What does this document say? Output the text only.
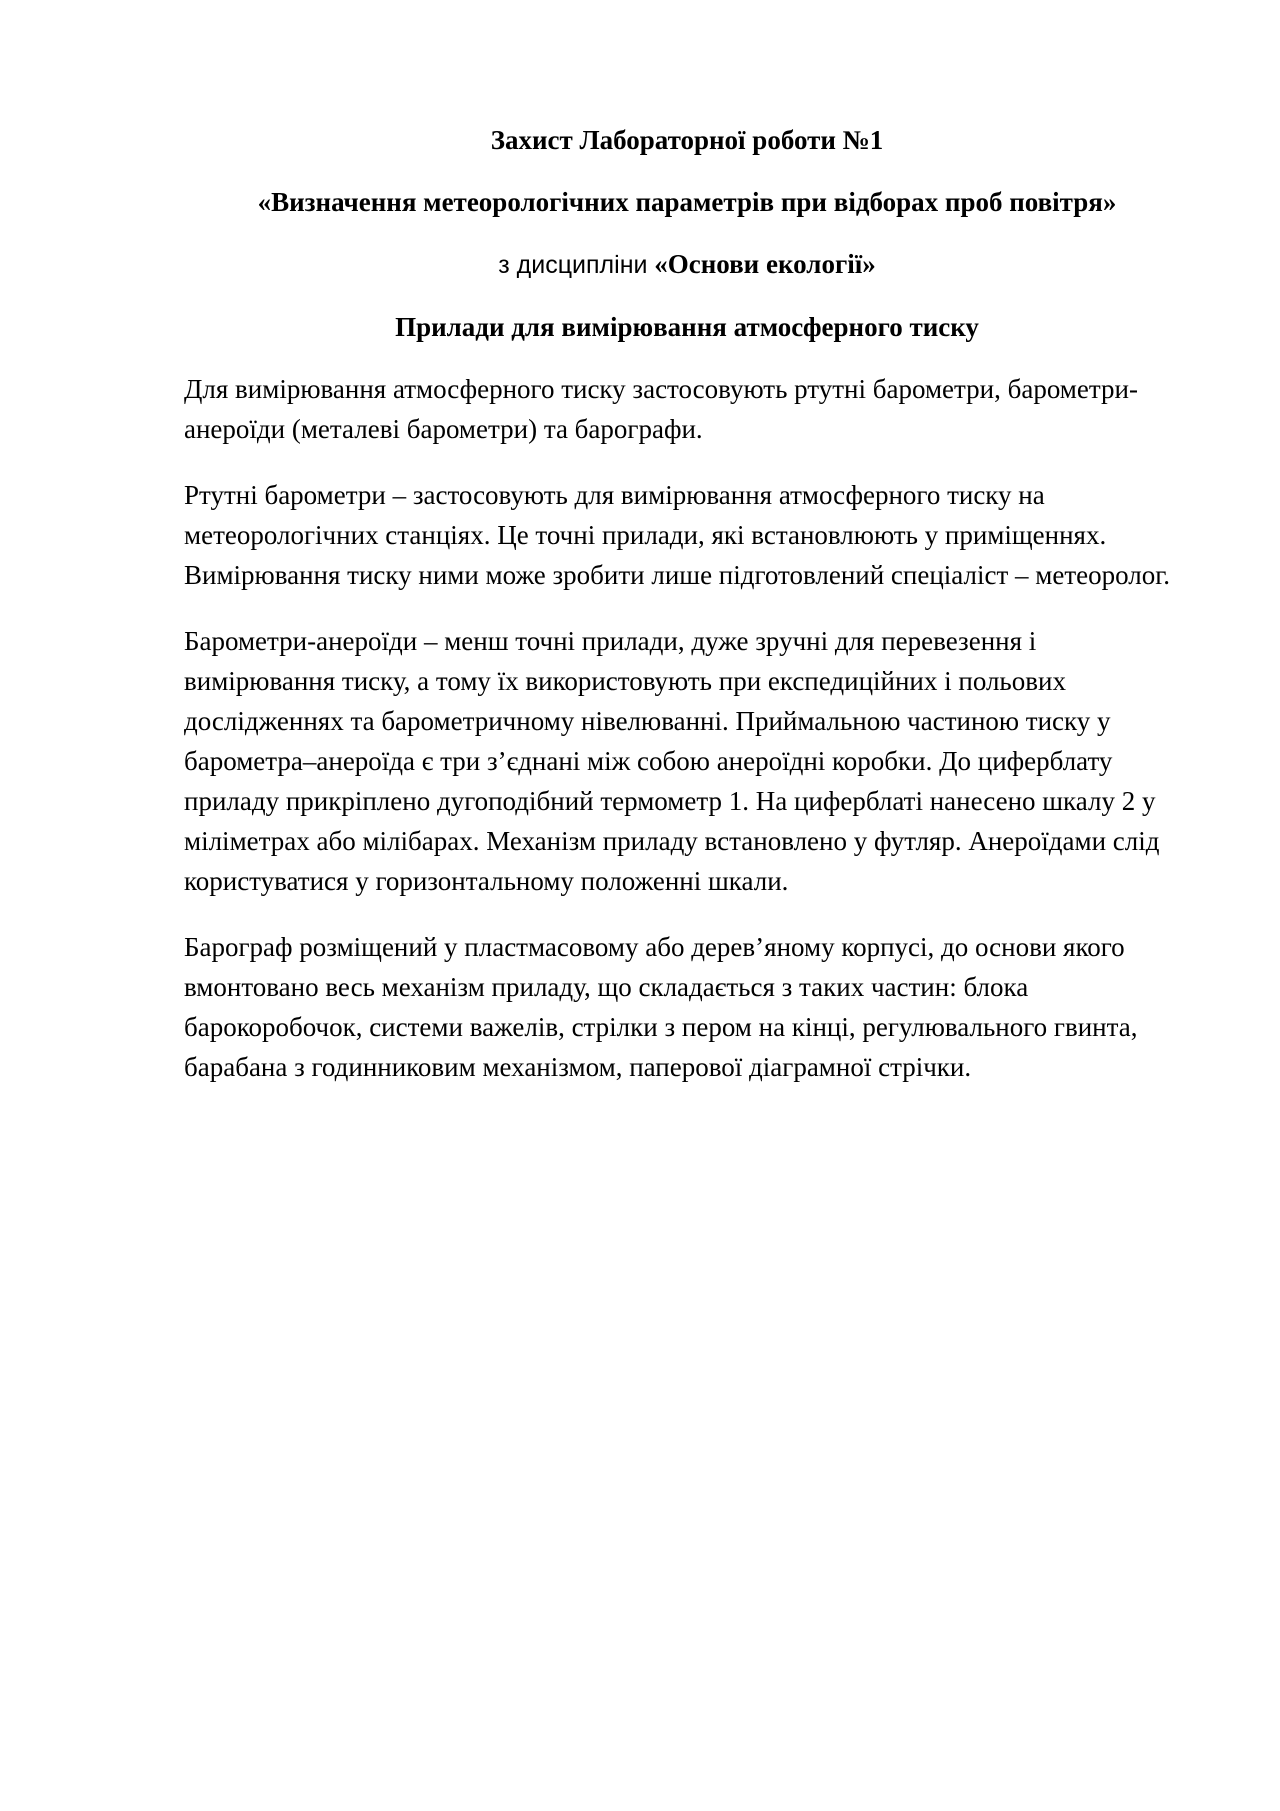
Захист Лабораторної роботи №1
«Визначення метеорологічних параметрів при відборах проб повітря»
з дисципліни «Основи екології»
Прилади для вимірювання атмосферного тиску

Для вимірювання атмосферного тиску застосовують ртутні барометри, барометри-анероїди (металеві барометри) та барографи.

Ртутні барометри – застосовують для вимірювання атмосферного тиску на метеорологічних станціях. Це точні прилади, які встановлюють у приміщеннях. Вимірювання тиску ними може зробити лише підготовлений спеціаліст – метеоролог.

Барометри-анероїди – менш точні прилади, дуже зручні для перевезення і вимірювання тиску, а тому їх використовують при експедиційних і польових дослідженнях та барометричному нівелюванні. Приймальною частиною тиску у барометра–анероїда є три з’єднані між собою анероїдні коробки. До циферблату приладу прикріплено дугоподібний термометр 1. На циферблаті нанесено шкалу 2 у міліметрах або мілібарах. Механізм приладу встановлено у футляр. Анероїдами слід користуватися у горизонтальному положенні шкали.

Барограф розміщений у пластмасовому або дерев’яному корпусі, до основи якого вмонтовано весь механізм приладу, що складається з таких частин: блока барокоробочок, системи важелів, стрілки з пером на кінці, регулювального гвинта, барабана з годинниковим механізмом, паперової діаграмної стрічки.
